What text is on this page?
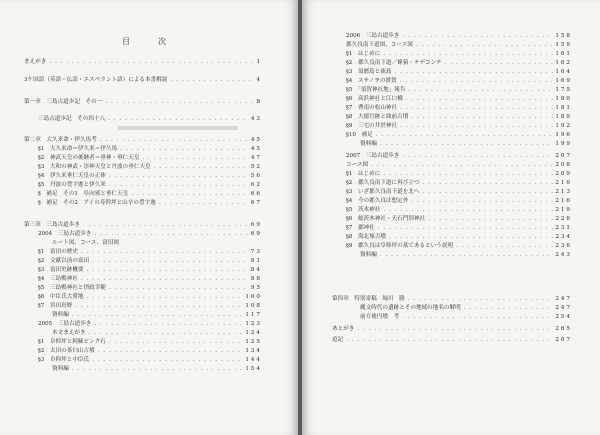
目　次
まえがき ・・・・・・・・・・・・・・・・・・・・・・・・・・・・・・・・・・・・・・・・・・・・・・・・・・・・・・・・・・・・・・・・	1
3ケ国語（英語・仏語・エスペラント語）による本書解説 ・・・・・・・・・・・・・・・・・・・・・・・・・・・・・・・・・・・・・・・・・・・・・・・・・・・・・・・・・・・・・・・・	4
第一章　三島古道歩記　その一 ・・・・・・・・・・・・・・・・・・・・・・・・・・・・・・・・・・・・・・・・・・・・・・・・・・・・・・・・・・・・・・・・	8
三島古道歩記　その四十八 ・・・・・・・・・・・・・・・・・・・・・・・・・・・・・・・・・・・・・・・・・・・・・・・・・・・・・・・・・・・・・・・・	43
第二章　大久米命・伊久馬考 ・・・・・・・・・・・・・・・・・・・・・・・・・・・・・・・・・・・・・・・・・・・・・・・・・・・・・・・・・・・・・・・・	45
§1　大久米命＝伊久米＝伊久馬 ・・・・・・・・・・・・・・・・・・・・・・・・・・・・・・・・・・・・・・・・・・・・・・・・・・・・・・・・・・・・・・・・	45
§2　神武天皇の後継者＝垂神・垂仁天皇 ・・・・・・・・・・・・・・・・・・・・・・・・・・・・・・・・・・・・・・・・・・・・・・・・・・・・・・・・・・・・・・・・	47
§3　大和の神武・崇神天皇と丹波の垂仁天皇 ・・・・・・・・・・・・・・・・・・・・・・・・・・・・・・・・・・・・・・・・・・・・・・・・・・・・・・・・・・・・・・・・	52
§4　伊久米垂仁天皇の正体 ・・・・・・・・・・・・・・・・・・・・・・・・・・・・・・・・・・・・・・・・・・・・・・・・・・・・・・・・・・・・・・・・	56
§5　丹波の豊宇迦と伊久米 ・・・・・・・・・・・・・・・・・・・・・・・・・・・・・・・・・・・・・・・・・・・・・・・・・・・・・・・・・・・・・・・・	62
§　補足　その1　阜向邪と垂仁天皇 ・・・・・・・・・・・・・・・・・・・・・・・・・・・・・・・・・・・・・・・・・・・・・・・・・・・・・・・・・・・・・・・・	66
§　補足　その2　アイの寿幹坪と山辛の豊宇迦 ・・・・・・・・・・・・・・・・・・・・・・・・・・・・・・・・・・・・・・・・・・・・・・・・・・・・・・・・・・・・・・・・	67
第三章　三島古道歩き ・・・・・・・・・・・・・・・・・・・・・・・・・・・・・・・・・・・・・・・・・・・・・・・・・・・・・・・・・・・・・・・・	69
2004　三島古道歩き ・・・・・・・・・・・・・・・・・・・・・・・・・・・・・・・・・・・・・・・・・・・・・・・・・・・・・・・・・・・・・・・・	69
ルート図、コース、富田図
§1　富田の歴史 ・・・・・・・・・・・・・・・・・・・・・・・・・・・・・・・・・・・・・・・・・・・・・・・・・・・・・・・・・・・・・・・・	73
§2　文献以前の富田 ・・・・・・・・・・・・・・・・・・・・・・・・・・・・・・・・・・・・・・・・・・・・・・・・・・・・・・・・・・・・・・・・	81
§3　富田史跡概要 ・・・・・・・・・・・・・・・・・・・・・・・・・・・・・・・・・・・・・・・・・・・・・・・・・・・・・・・・・・・・・・・・	84
§4　三島鴨神社 ・・・・・・・・・・・・・・・・・・・・・・・・・・・・・・・・・・・・・・・・・・・・・・・・・・・・・・・・・・・・・・・・	88
§5　三島鴨神社と摂政幸範 ・・・・・・・・・・・・・・・・・・・・・・・・・・・・・・・・・・・・・・・・・・・・・・・・・・・・・・・・・・・・・・・・	95
§6　中臣氏大嘗地 ・・・・・・・・・・・・・・・・・・・・・・・・・・・・・・・・・・・・・・・・・・・・・・・・・・・・・・・・・・・・・・・・	100
§7　宮田鳥野 ・・・・・・・・・・・・・・・・・・・・・・・・・・・・・・・・・・・・・・・・・・・・・・・・・・・・・・・・・・・・・・・・	108
資料編 ・・・・・・・・・・・・・・・・・・・・・・・・・・・・・・・・・・・・・・・・・・・・・・・・・・・・・・・・・・・・・・・・	117
2005　三島古道歩き ・・・・・・・・・・・・・・・・・・・・・・・・・・・・・・・・・・・・・・・・・・・・・・・・・・・・・・・・・・・・・・・・	123
本文まえがき ・・・・・・・・・・・・・・・・・・・・・・・・・・・・・・・・・・・・・・・・・・・・・・・・・・・・・・・・・・・・・・・・	124
§1　阜仰坪と阿蘇ピンク石 ・・・・・・・・・・・・・・・・・・・・・・・・・・・・・・・・・・・・・・・・・・・・・・・・・・・・・・・・・・・・・・・・	125
§2　太田の茶臼山古墳 ・・・・・・・・・・・・・・・・・・・・・・・・・・・・・・・・・・・・・・・・・・・・・・・・・・・・・・・・・・・・・・・・	134
§3　阜仰坪と中臣氏 ・・・・・・・・・・・・・・・・・・・・・・・・・・・・・・・・・・・・・・・・・・・・・・・・・・・・・・・・・・・・・・・・	144
資料編 ・・・・・・・・・・・・・・・・・・・・・・・・・・・・・・・・・・・・・・・・・・・・・・・・・・・・・・・・・・・・・・・・	154
2006　三島古道歩き ・・・・・・・・・・・・・・・・・・・・・・・・・・・・・・・・・・・・・・・・・・・・・・・・・・・・・・・・・・・・・・・・	158
郡久良南下道図、コース図 ・・・・・・・・・・・・・・・・・・・・・・・・・・・・・・・・・・・・・・・・・・・・・・・・・・・・・・・・・・・・・・・・	159
§1　はじめに ・・・・・・・・・・・・・・・・・・・・・・・・・・・・・・・・・・・・・・・・・・・・・・・・・・・・・・・・・・・・・・・・	161
§2　郡久良南下道／條猿・テデコンテ ・・・・・・・・・・・・・・・・・・・・・・・・・・・・・・・・・・・・・・・・・・・・・・・・・・・・・・・・・・・・・・・・	162
§3　須磨島と流島 ・・・・・・・・・・・・・・・・・・・・・・・・・・・・・・・・・・・・・・・・・・・・・・・・・・・・・・・・・・・・・・・・	164
§4　スサノヲの渡賀 ・・・・・・・・・・・・・・・・・・・・・・・・・・・・・・・・・・・・・・・・・・・・・・・・・・・・・・・・・・・・・・・・	169
§5　「須賀神社地」報告 ・・・・・・・・・・・・・・・・・・・・・・・・・・・・・・・・・・・・・・・・・・・・・・・・・・・・・・・・・・・・・・・・	175
§6　高浜神社と江口橋 ・・・・・・・・・・・・・・・・・・・・・・・・・・・・・・・・・・・・・・・・・・・・・・・・・・・・・・・・・・・・・・・・	180
§7　曹南の松山神社 ・・・・・・・・・・・・・・・・・・・・・・・・・・・・・・・・・・・・・・・・・・・・・・・・・・・・・・・・・・・・・・・・	181
§8　大徳官跡と曲前古墳 ・・・・・・・・・・・・・・・・・・・・・・・・・・・・・・・・・・・・・・・・・・・・・・・・・・・・・・・・・・・・・・・・	189
§9　三宅の井於神社 ・・・・・・・・・・・・・・・・・・・・・・・・・・・・・・・・・・・・・・・・・・・・・・・・・・・・・・・・・・・・・・・・	192
§10　補足 ・・・・・・・・・・・・・・・・・・・・・・・・・・・・・・・・・・・・・・・・・・・・・・・・・・・・・・・・・・・・・・・・	196
資料編 ・・・・・・・・・・・・・・・・・・・・・・・・・・・・・・・・・・・・・・・・・・・・・・・・・・・・・・・・・・・・・・・・	199
2007　三島古道歩き ・・・・・・・・・・・・・・・・・・・・・・・・・・・・・・・・・・・・・・・・・・・・・・・・・・・・・・・・・・・・・・・・	207
コース図 ・・・・・・・・・・・・・・・・・・・・・・・・・・・・・・・・・・・・・・・・・・・・・・・・・・・・・・・・・・・・・・・・	208
§1　はじめに ・・・・・・・・・・・・・・・・・・・・・・・・・・・・・・・・・・・・・・・・・・・・・・・・・・・・・・・・・・・・・・・・	209
§2　郡久良南下道に再び立つ ・・・・・・・・・・・・・・・・・・・・・・・・・・・・・・・・・・・・・・・・・・・・・・・・・・・・・・・・・・・・・・・・	210
§3　いざ郡久良南下道を北へ ・・・・・・・・・・・・・・・・・・・・・・・・・・・・・・・・・・・・・・・・・・・・・・・・・・・・・・・・・・・・・・・・	213
§4　今の郡久良は想定外 ・・・・・・・・・・・・・・・・・・・・・・・・・・・・・・・・・・・・・・・・・・・・・・・・・・・・・・・・・・・・・・・・	216
§5　茨木神社 ・・・・・・・・・・・・・・・・・・・・・・・・・・・・・・・・・・・・・・・・・・・・・・・・・・・・・・・・・・・・・・・・	219
§6　総茨木神社・天石門別神社 ・・・・・・・・・・・・・・・・・・・・・・・・・・・・・・・・・・・・・・・・・・・・・・・・・・・・・・・・・・・・・・・・	226
§7　郡神社 ・・・・・・・・・・・・・・・・・・・・・・・・・・・・・・・・・・・・・・・・・・・・・・・・・・・・・・・・・・・・・・・・	231
§8　海北塚古墳 ・・・・・・・・・・・・・・・・・・・・・・・・・・・・・・・・・・・・・・・・・・・・・・・・・・・・・・・・・・・・・・・・	234
§9　郡久良は阜仰坪の墓であるという説明 ・・・・・・・・・・・・・・・・・・・・・・・・・・・・・・・・・・・・・・・・・・・・・・・・・・・・・・・・・・・・・・・・	236
資料編 ・・・・・・・・・・・・・・・・・・・・・・・・・・・・・・・・・・・・・・・・・・・・・・・・・・・・・・・・・・・・・・・・	243
第四章　特別寄稿　堀川　勝 ・・・・・・・・・・・・・・・・・・・・・・・・・・・・・・・・・・・・・・・・・・・・・・・・・・・・・・・・・・・・・・・・	247
縄文時代の遺跡とその地域の地名の解明 ・・・・・・・・・・・・・・・・・・・・・・・・・・・・・・・・・・・・・・・・・・・・・・・・・・・・・・・・・・・・・・・・	247
前方後円墳　考 ・・・・・・・・・・・・・・・・・・・・・・・・・・・・・・・・・・・・・・・・・・・・・・・・・・・・・・・・・・・・・・・・	254
あとがき ・・・・・・・・・・・・・・・・・・・・・・・・・・・・・・・・・・・・・・・・・・・・・・・・・・・・・・・・・・・・・・・・	265
追記 ・・・・・・・・・・・・・・・・・・・・・・・・・・・・・・・・・・・・・・・・・・・・・・・・・・・・・・・・・・・・・・・・	267
